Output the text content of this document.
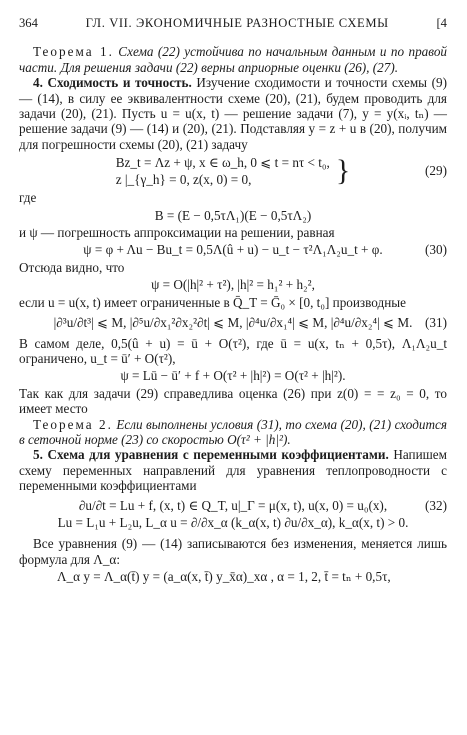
364	ГЛ. VII. ЭКОНОМИЧНЫЕ РАЗНОСТНЫЕ СХЕМЫ	[4

Теорема 1. Схема (22) устойчива по начальным данным и по правой части. Для решения задачи (22) верны априорные оценки (26), (27).

4. Сходимость и точность. Изучение сходимости и точности схемы (9) — (14), в силу ее эквивалентности схеме (20), (21), будем проводить для задачи (20), (21). Пусть u = u(x, t) — решение задачи (7), y = y(xᵢ, tₙ) — решение задачи (9) — (14) и (20), (21). Подставляя y = z + u в (20), получим для погрешности схемы (20), (21) задачу

Bz_t = Λz + ψ, x ∈ ω_h, 0 ⩽ t = nτ < t₀,
z |_{γ_h} = 0, z(x, 0) = 0,	}	(29)

где

B = (E − 0,5τΛ₁)(E − 0,5τΛ₂)

и ψ — погрешность аппроксимации на решении, равная

ψ = φ + Λu − Bu_t = 0,5Λ(û + u) − u_t − τ²Λ₁Λ₂u_t + φ.	(30)

Отсюда видно, что

ψ = O(|h|² + τ²), |h|² = h₁² + h₂²,

если u = u(x, t) имеет ограниченные в Q̄_T = Ḡ₀ × [0, t₀] производные

|∂³u/∂t³| ⩽ M, |∂⁵u/∂x₁²∂x₂²∂t| ⩽ M, |∂⁴u/∂x₁⁴| ⩽ M, |∂⁴u/∂x₂⁴| ⩽ M. (31)

В самом деле, 0,5(û + u) = ū + O(τ²), где ū = u(x, tₙ + 0,5τ), Λ₁Λ₂u_t ограничено, u_t = ū′ + O(τ²),

ψ = Lū − ū′ + f + O(τ² + |h|²) = O(τ² + |h|²).

Так как для задачи (29) справедлива оценка (26) при z(0) = = z₀ = 0, то имеет место

Теорема 2. Если выполнены условия (31), то схема (20), (21) сходится в сеточной норме (23) со скоростью O(τ² + |h|²).

5. Схема для уравнения с переменными коэффициентами. Напишем схему переменных направлений для уравнения теплопроводности с переменными коэффициентами

∂u/∂t = Lu + f, (x, t) ∈ Q_T, u|_Γ = μ(x, t), u(x, 0) = u₀(x),	(32)
Lu = L₁u + L₂u, L_α u = ∂/∂x_α (k_α(x, t) ∂u/∂x_α), k_α(x, t) > 0.

Все уравнения (9) — (14) записываются без изменения, меняется лишь формула для Λ_α:

Λ_α y = Λ_α(t̄) y = (a_α(x, t̄) y_x̄α)_xα , α = 1, 2, t̄ = tₙ + 0,5τ,
